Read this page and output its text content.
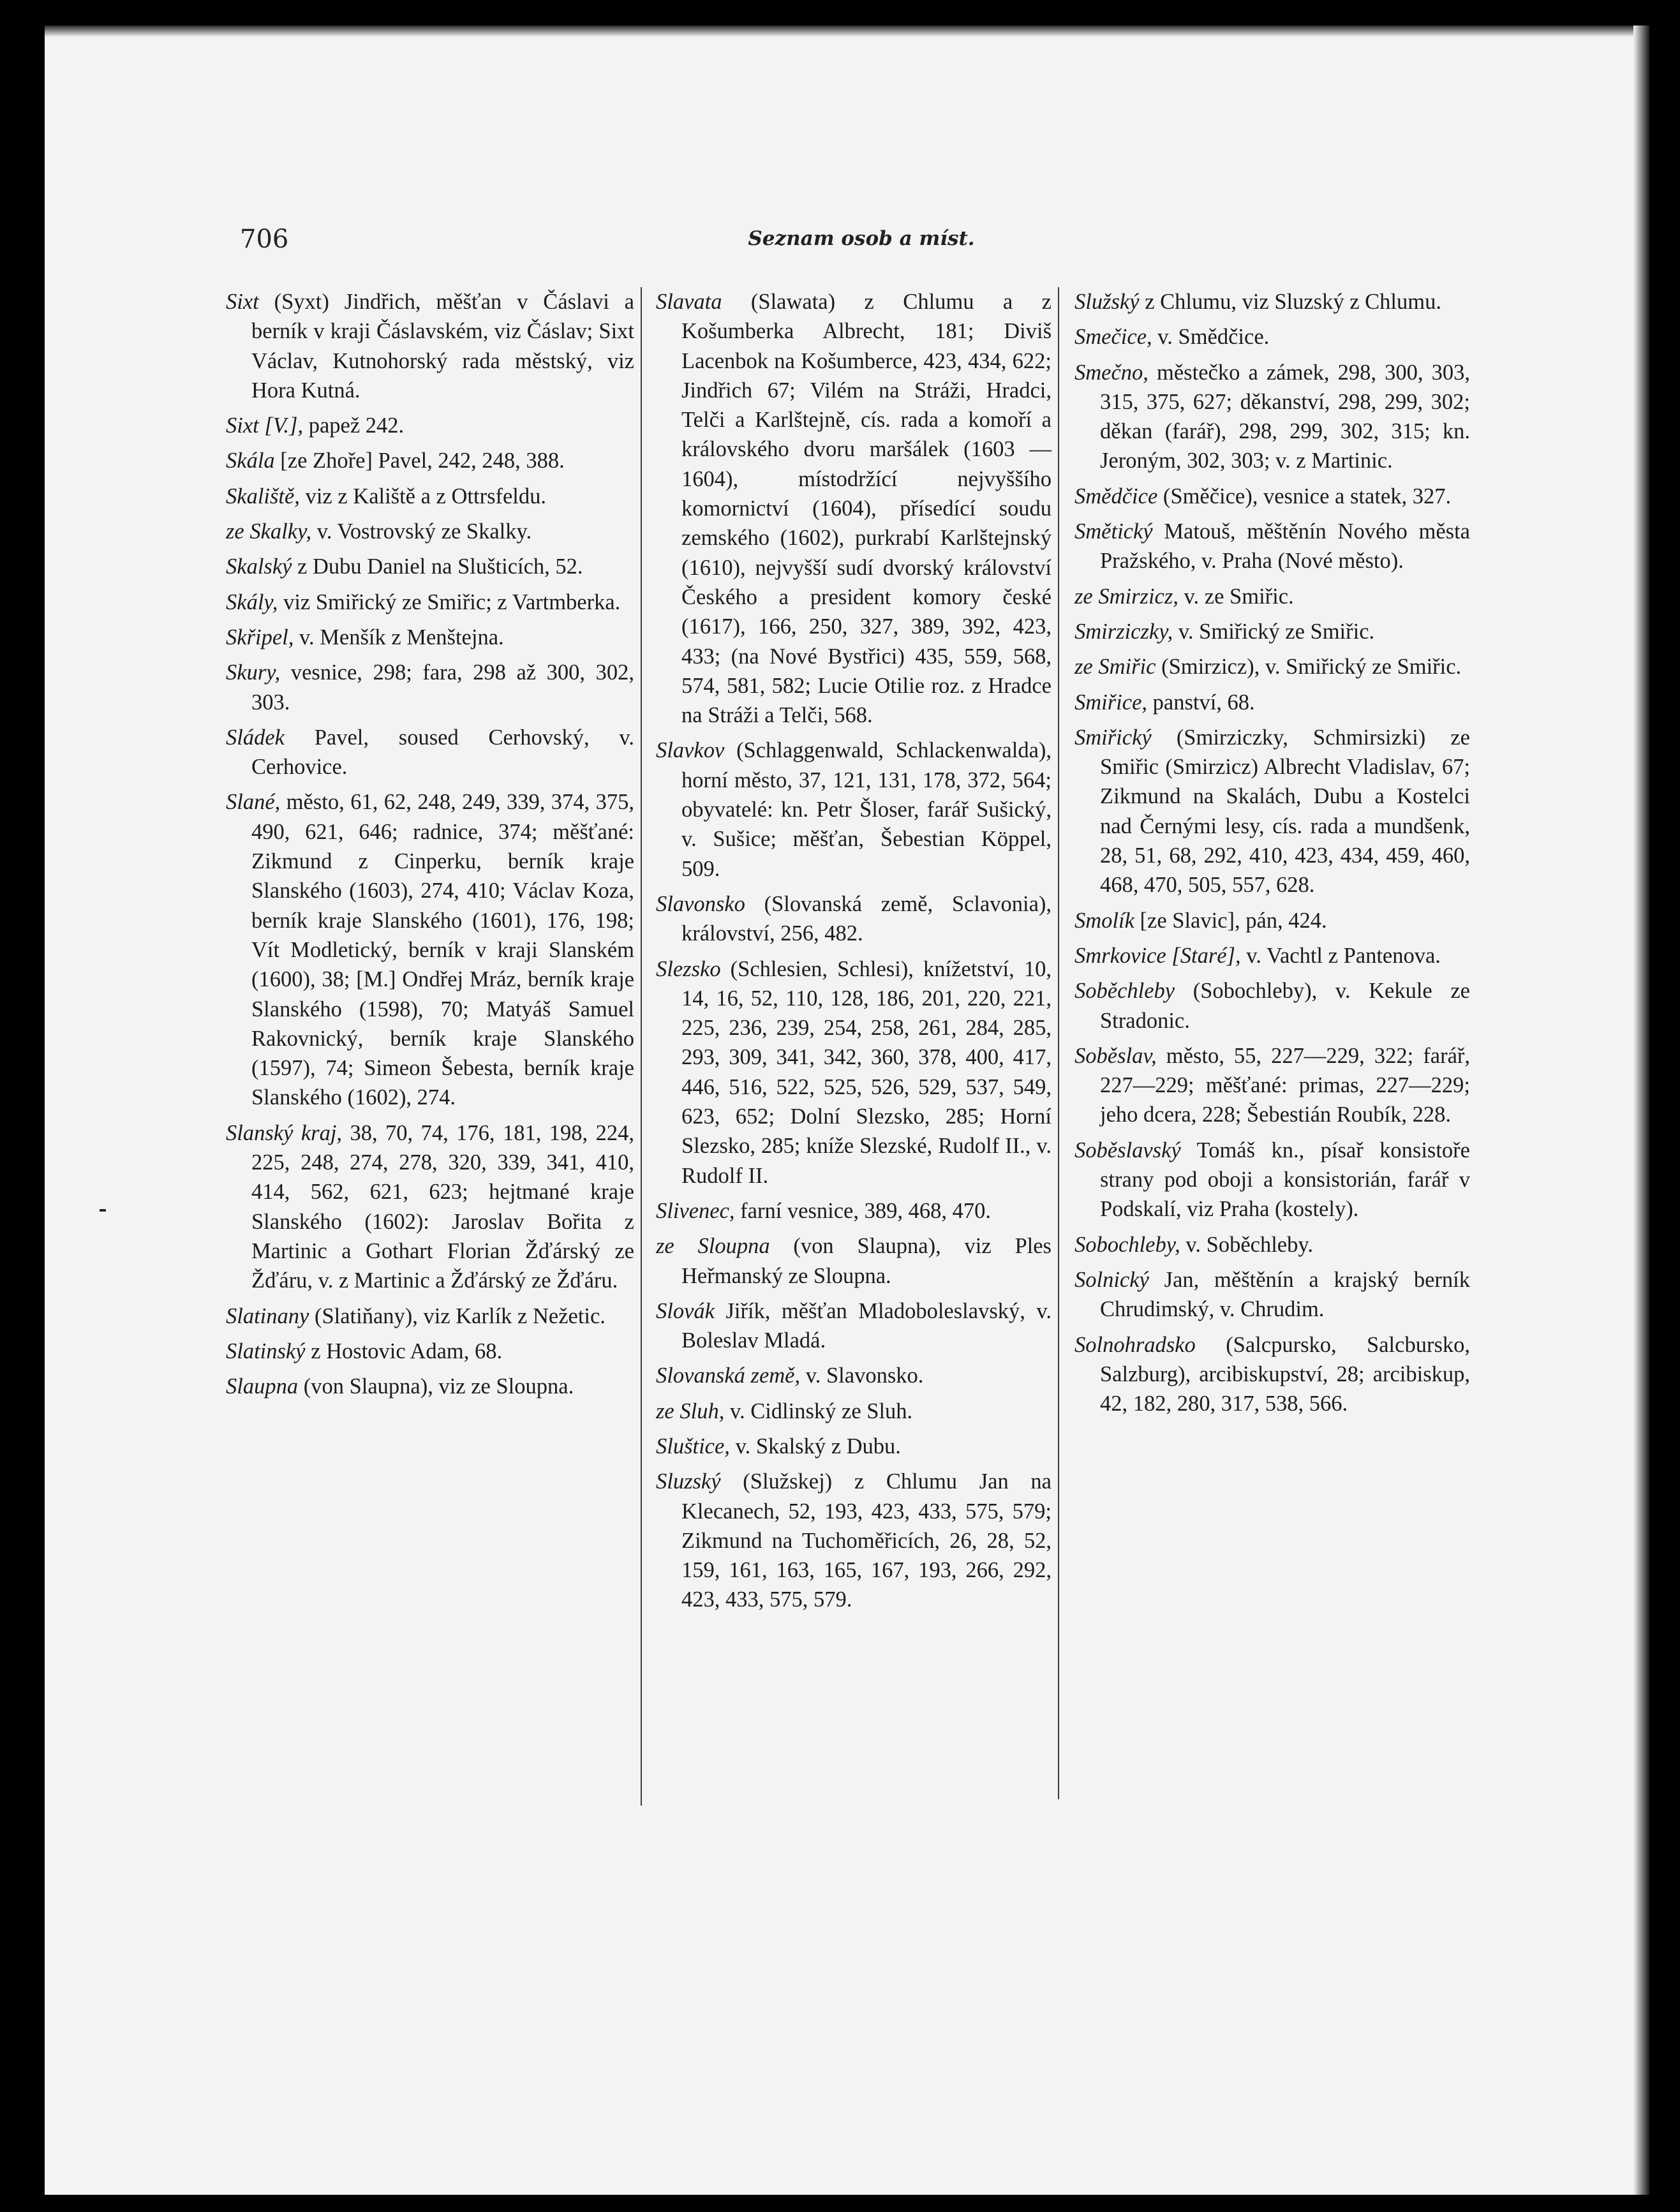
706	Seznam osob a míst.

Sixt (Syxt) Jindřich, měšťan v Čáslavi a berník v kraji Čáslavském, viz Čáslav; Sixt Václav, Kutnohorský rada městský, viz Hora Kutná.

Sixt [V.], papež 242.

Skála [ze Zhoře] Pavel, 242, 248, 388.

Skaliště, viz z Kaliště a z Ottrsfeldu.

ze Skalky, v. Vostrovský ze Skalky.

Skalský z Dubu Daniel na Slušticích, 52.

Skály, viz Smiřický ze Smiřic; z Vartmberka.

Skřipel, v. Menšík z Menštejna.

Skury, vesnice, 298; fara, 298 až 300, 302, 303.

Sládek Pavel, soused Cerhovský, v. Cerhovice.

Slané, město, 61, 62, 248, 249, 339, 374, 375, 490, 621, 646; radnice, 374; měšťané: Zikmund z Cinperku, berník kraje Slanského (1603), 274, 410; Václav Koza, berník kraje Slanského (1601), 176, 198; Vít Modletický, berník v kraji Slanském (1600), 38; [M.] Ondřej Mráz, berník kraje Slanského (1598), 70; Matyáš Samuel Rakovnický, berník kraje Slanského (1597), 74; Simeon Šebesta, berník kraje Slanského (1602), 274.

Slanský kraj, 38, 70, 74, 176, 181, 198, 224, 225, 248, 274, 278, 320, 339, 341, 410, 414, 562, 621, 623; hejtmané kraje Slanského (1602): Jaroslav Bořita z Martinic a Gothart Florian Žďárský ze Žďáru, v. z Martinic a Žďárský ze Žďáru.

Slatinany (Slatiňany), viz Karlík z Nežetic.

Slatinský z Hostovic Adam, 68.

Slaupna (von Slaupna), viz ze Sloupna.

Slavata (Slawata) z Chlumu a z Košumberka Albrecht, 181; Diviš Lacenbok na Košumberce, 423, 434, 622; Jindřich 67; Vilém na Stráži, Hradci, Telči a Karlštejně, cís. rada a komoří a královského dvoru maršálek (1603 — 1604), místodržící nejvyššího komornictví (1604), přísedící soudu zemského (1602), purkrabí Karlštejnský (1610), nejvyšší sudí dvorský království Českého a president komory české (1617), 166, 250, 327, 389, 392, 423, 433; (na Nové Bystřici) 435, 559, 568, 574, 581, 582; Lucie Otilie roz. z Hradce na Stráži a Telči, 568.

Slavkov (Schlaggenwald, Schlackenwalda), horní město, 37, 121, 131, 178, 372, 564; obyvatelé: kn. Petr Šloser, farář Sušický, v. Sušice; měšťan, Šebestian Köppel, 509.

Slavonsko (Slovanská země, Sclavonia), království, 256, 482.

Slezsko (Schlesien, Schlesi), knížetství, 10, 14, 16, 52, 110, 128, 186, 201, 220, 221, 225, 236, 239, 254, 258, 261, 284, 285, 293, 309, 341, 342, 360, 378, 400, 417, 446, 516, 522, 525, 526, 529, 537, 549, 623, 652; Dolní Slezsko, 285; Horní Slezsko, 285; kníže Slezské, Rudolf II., v. Rudolf II.

Slivenec, farní vesnice, 389, 468, 470.

ze Sloupna (von Slaupna), viz Ples Heřmanský ze Sloupna.

Slovák Jiřík, měšťan Mladoboleslavský, v. Boleslav Mladá.

Slovanská země, v. Slavonsko.

ze Sluh, v. Cidlinský ze Sluh.

Sluštice, v. Skalský z Dubu.

Sluzský (Služskej) z Chlumu Jan na Klecanech, 52, 193, 423, 433, 575, 579; Zikmund na Tuchoměřicích, 26, 28, 52, 159, 161, 163, 165, 167, 193, 266, 292, 423, 433, 575, 579.

Služský z Chlumu, viz Sluzský z Chlumu.

Smečice, v. Smědčice.

Smečno, městečko a zámek, 298, 300, 303, 315, 375, 627; děkanství, 298, 299, 302; děkan (farář), 298, 299, 302, 315; kn. Jeroným, 302, 303; v. z Martinic.

Smědčice (Směčice), vesnice a statek, 327.

Smětický Matouš, měštěnín Nového města Pražského, v. Praha (Nové město).

ze Smirzicz, v. ze Smiřic.

Smirziczky, v. Smiřický ze Smiřic.

ze Smiřic (Smirzicz), v. Smiřický ze Smiřic.

Smiřice, panství, 68.

Smiřický (Smirziczky, Schmirsizki) ze Smiřic (Smirzicz) Albrecht Vladislav, 67; Zikmund na Skalách, Dubu a Kostelci nad Černými lesy, cís. rada a mundšenk, 28, 51, 68, 292, 410, 423, 434, 459, 460, 468, 470, 505, 557, 628.

Smolík [ze Slavic], pán, 424.

Smrkovice [Staré], v. Vachtl z Pantenova.

Soběchleby (Sobochleby), v. Kekule ze Stradonic.

Soběslav, město, 55, 227—229, 322; farář, 227—229; měšťané: primas, 227—229; jeho dcera, 228; Šebestián Roubík, 228.

Soběslavský Tomáš kn., písař konsistoře strany pod oboji a konsistorián, farář v Podskalí, viz Praha (kostely).

Sobochleby, v. Soběchleby.

Solnický Jan, měštěnín a krajský berník Chrudimský, v. Chrudim.

Solnohradsko (Salcpursko, Salcbursko, Salzburg), arcibiskupství, 28; arcibiskup, 42, 182, 280, 317, 538, 566.
